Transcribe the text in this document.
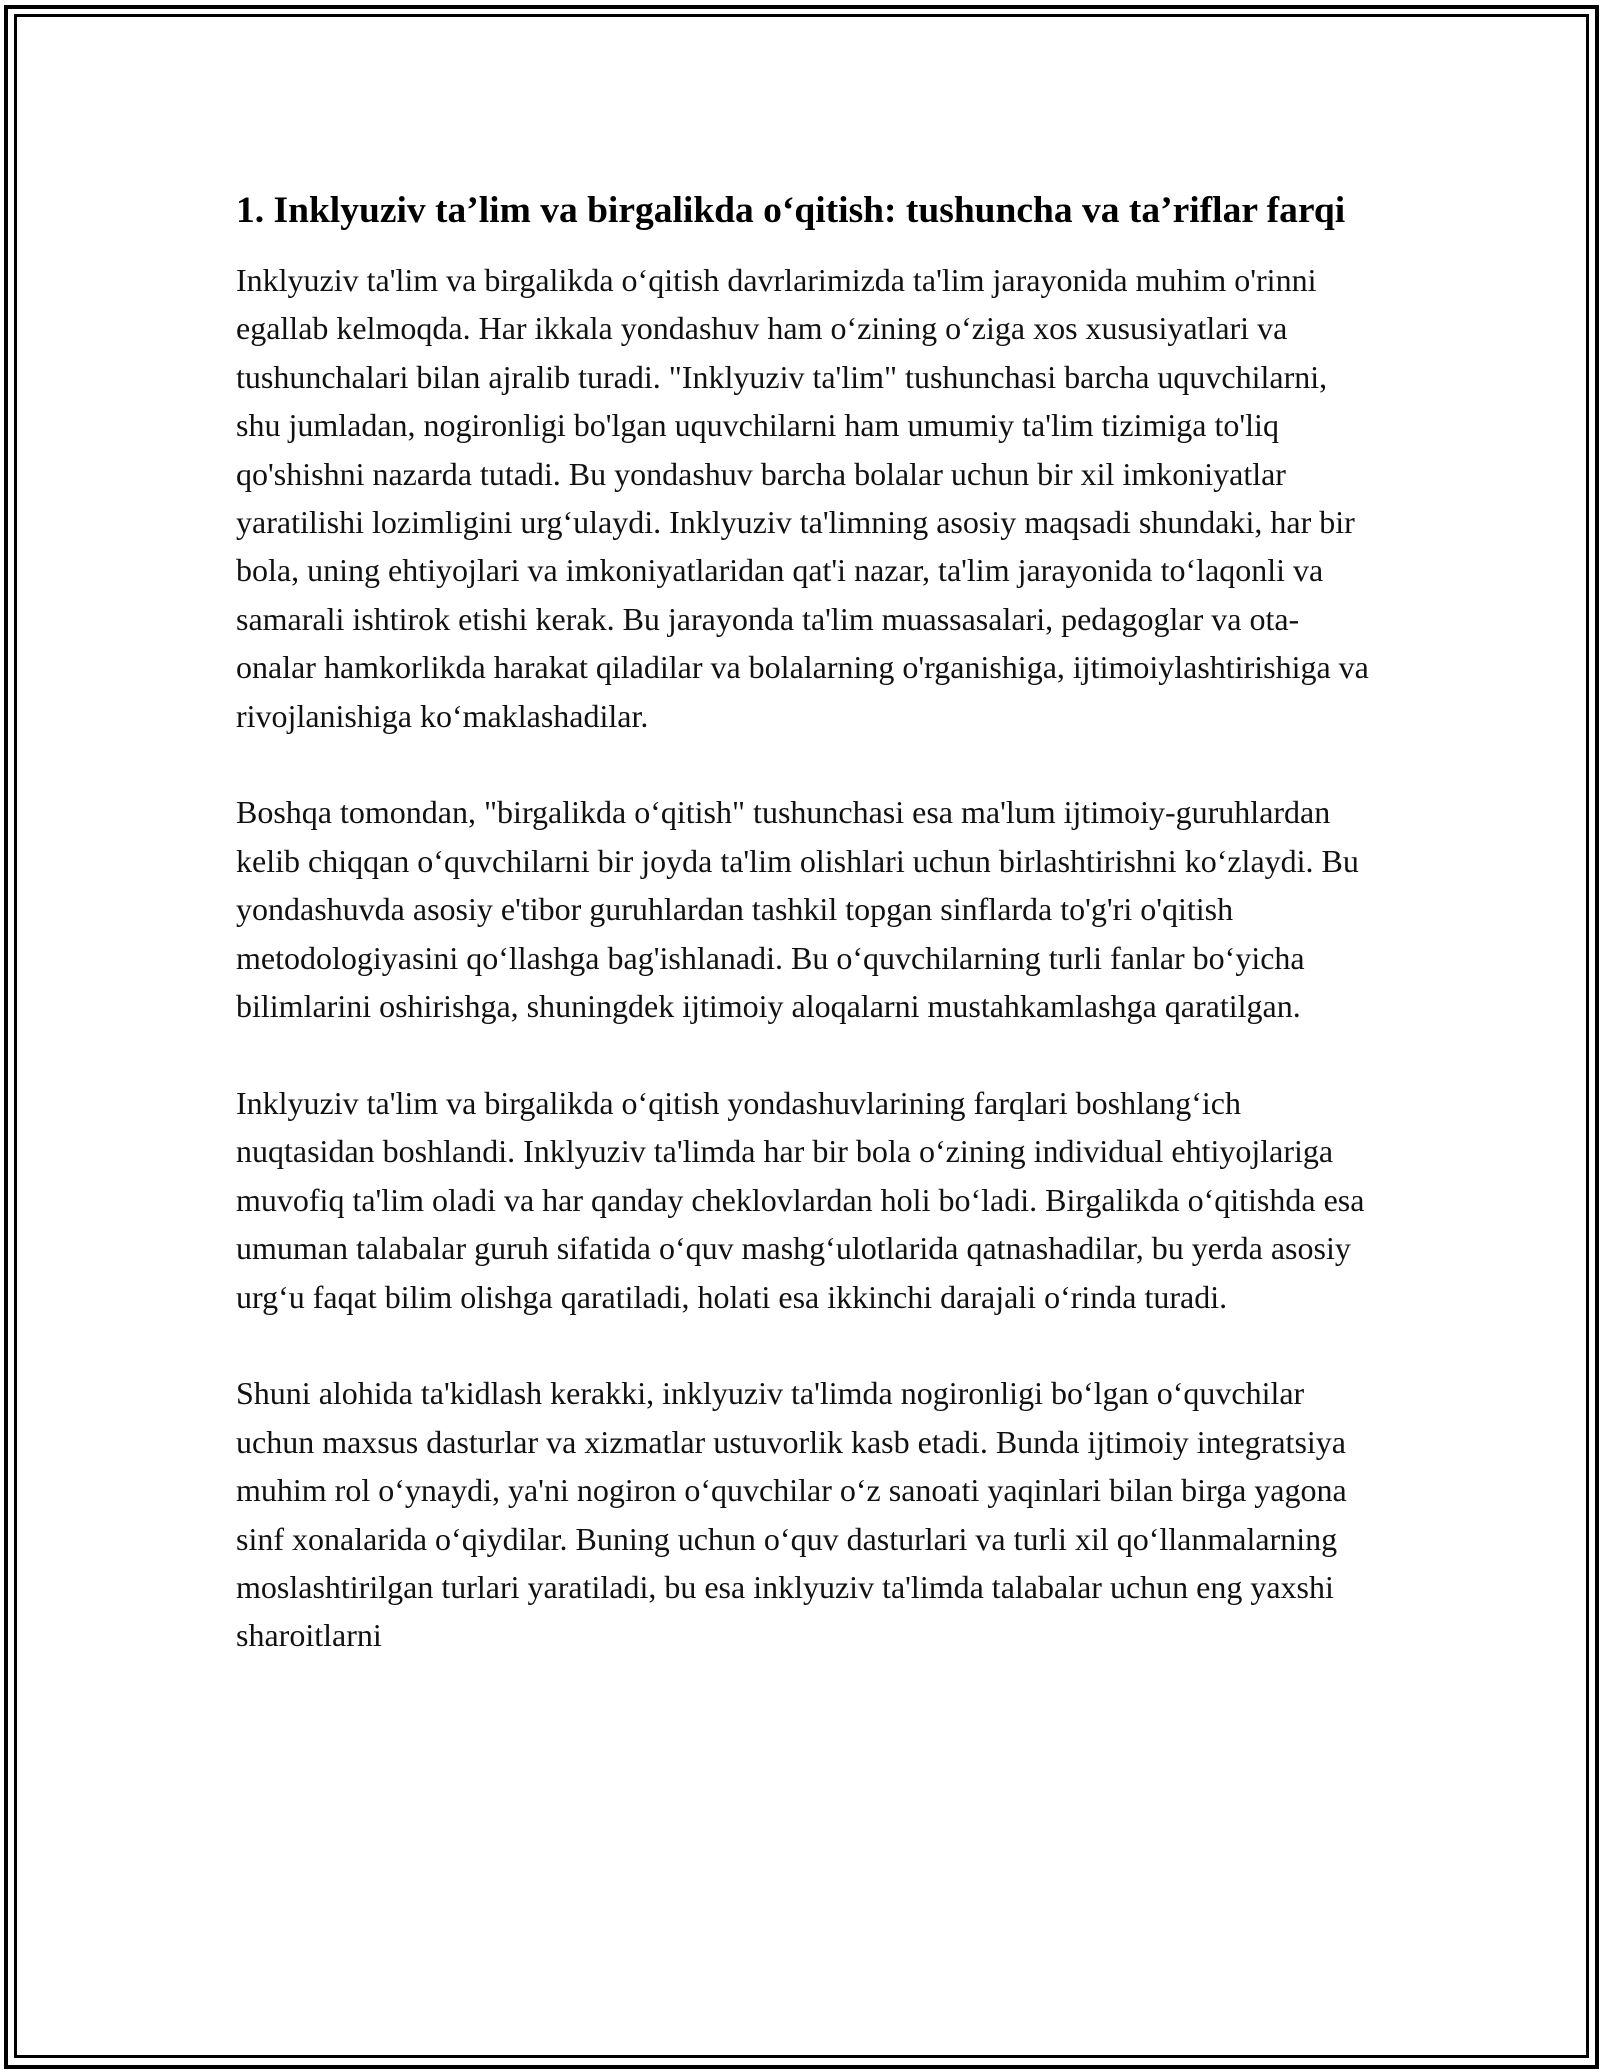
1. Inklyuziv ta’lim va birgalikda o‘qitish: tushuncha va ta’riflar farqi

Inklyuziv ta'lim va birgalikda o‘qitish davrlarimizda ta'lim jarayonida muhim o'rinni egallab kelmoqda. Har ikkala yondashuv ham o‘zining o‘ziga xos xususiyatlari va tushunchalari bilan ajralib turadi. "Inklyuziv ta'lim" tushunchasi barcha uquvchilarni, shu jumladan, nogironligi bo'lgan uquvchilarni ham umumiy ta'lim tizimiga to'liq qo'shishni nazarda tutadi. Bu yondashuv barcha bolalar uchun bir xil imkoniyatlar yaratilishi lozimligini urg‘ulaydi. Inklyuziv ta'limning asosiy maqsadi shundaki, har bir bola, uning ehtiyojlari va imkoniyatlaridan qat'i nazar, ta'lim jarayonida to‘laqonli va samarali ishtirok etishi kerak. Bu jarayonda ta'lim muassasalari, pedagoglar va ota-onalar hamkorlikda harakat qiladilar va bolalarning o'rganishiga, ijtimoiylashtirishiga va rivojlanishiga ko‘maklashadilar.

Boshqa tomondan, "birgalikda o‘qitish" tushunchasi esa ma'lum ijtimoiy-guruhlardan kelib chiqqan o‘quvchilarni bir joyda ta'lim olishlari uchun birlashtirishni ko‘zlaydi. Bu yondashuvda asosiy e'tibor guruhlardan tashkil topgan sinflarda to'g'ri o'qitish metodologiyasini qo‘llashga bag'ishlanadi. Bu o‘quvchilarning turli fanlar bo‘yicha bilimlarini oshirishga, shuningdek ijtimoiy aloqalarni mustahkamlashga qaratilgan.

Inklyuziv ta'lim va birgalikda o‘qitish yondashuvlarining farqlari boshlang‘ich nuqtasidan boshlandi. Inklyuziv ta'limda har bir bola o‘zining individual ehtiyojlariga muvofiq ta'lim oladi va har qanday cheklovlardan holi bo‘ladi. Birgalikda o‘qitishda esa umuman talabalar guruh sifatida o‘quv mashg‘ulotlarida qatnashadilar, bu yerda asosiy urg‘u faqat bilim olishga qaratiladi, holati esa ikkinchi darajali o‘rinda turadi.

Shuni alohida ta'kidlash kerakki, inklyuziv ta'limda nogironligi bo‘lgan o‘quvchilar uchun maxsus dasturlar va xizmatlar ustuvorlik kasb etadi. Bunda ijtimoiy integratsiya muhim rol o‘ynaydi, ya'ni nogiron o‘quvchilar o‘z sanoati yaqinlari bilan birga yagona sinf xonalarida o‘qiydilar. Buning uchun o‘quv dasturlari va turli xil qo‘llanmalarning moslashtirilgan turlari yaratiladi, bu esa inklyuziv ta'limda talabalar uchun eng yaxshi sharoitlarni
